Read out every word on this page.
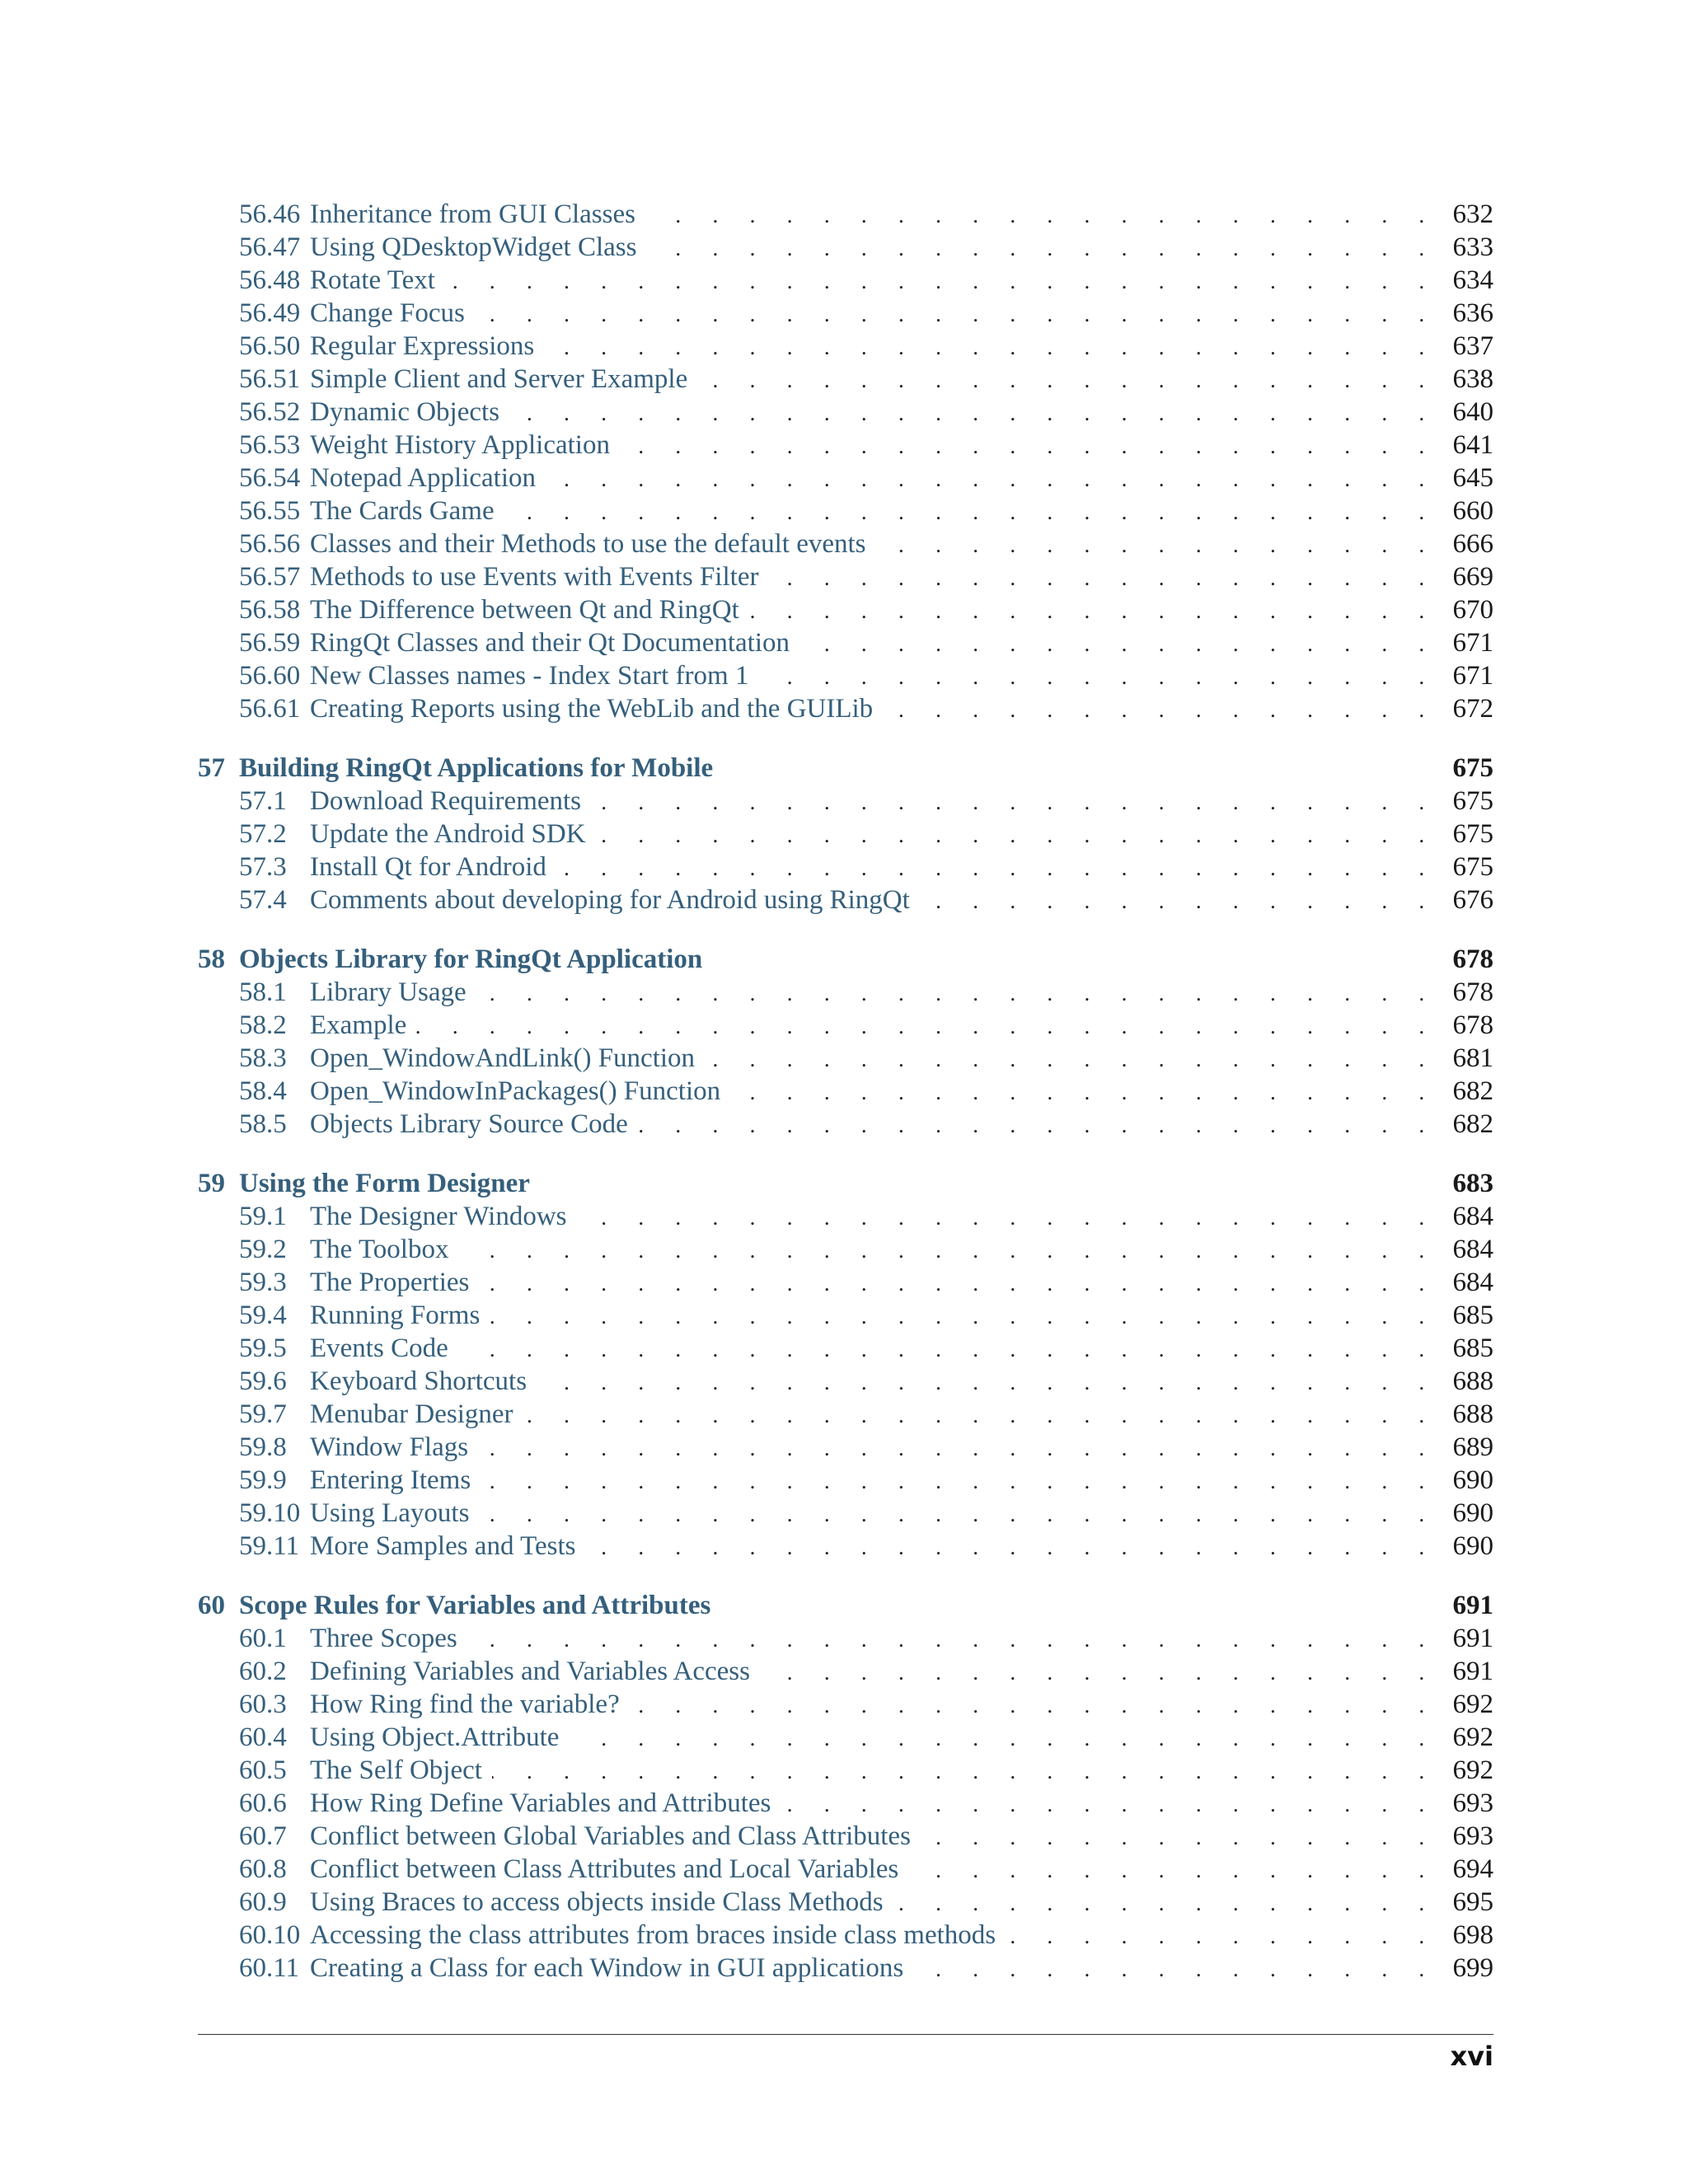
56.46 Inheritance from GUI Classes . . .	632
56.47 Using QDesktopWidget Class . . .	633
56.48 Rotate Text . . .	634
56.49 Change Focus . . .	636
56.50 Regular Expressions . . .	637
56.51 Simple Client and Server Example . . .	638
56.52 Dynamic Objects . . .	640
56.53 Weight History Application . . .	641
56.54 Notepad Application . . .	645
56.55 The Cards Game . . .	660
56.56 Classes and their Methods to use the default events . . .	666
56.57 Methods to use Events with Events Filter . . .	669
56.58 The Difference between Qt and RingQt . . .	670
56.59 RingQt Classes and their Qt Documentation . . .	671
56.60 New Classes names - Index Start from 1 . . .	671
56.61 Creating Reports using the WebLib and the GUILib . . .	672
57 Building RingQt Applications for Mobile	675
57.1 Download Requirements . . .	675
57.2 Update the Android SDK . . .	675
57.3 Install Qt for Android . . .	675
57.4 Comments about developing for Android using RingQt . . .	676
58 Objects Library for RingQt Application	678
58.1 Library Usage . . .	678
58.2 Example . . .	678
58.3 Open_WindowAndLink() Function . . .	681
58.4 Open_WindowInPackages() Function . . .	682
58.5 Objects Library Source Code . . .	682
59 Using the Form Designer	683
59.1 The Designer Windows . . .	684
59.2 The Toolbox . . .	684
59.3 The Properties . . .	684
59.4 Running Forms . . .	685
59.5 Events Code . . .	685
59.6 Keyboard Shortcuts . . .	688
59.7 Menubar Designer . . .	688
59.8 Window Flags . . .	689
59.9 Entering Items . . .	690
59.10 Using Layouts . . .	690
59.11 More Samples and Tests . . .	690
60 Scope Rules for Variables and Attributes	691
60.1 Three Scopes . . .	691
60.2 Defining Variables and Variables Access . . .	691
60.3 How Ring find the variable? . . .	692
60.4 Using Object.Attribute . . .	692
60.5 The Self Object . . .	692
60.6 How Ring Define Variables and Attributes . . .	693
60.7 Conflict between Global Variables and Class Attributes . . .	693
60.8 Conflict between Class Attributes and Local Variables . . .	694
60.9 Using Braces to access objects inside Class Methods . . .	695
60.10 Accessing the class attributes from braces inside class methods . . .	698
60.11 Creating a Class for each Window in GUI applications . . .	699
xvi
